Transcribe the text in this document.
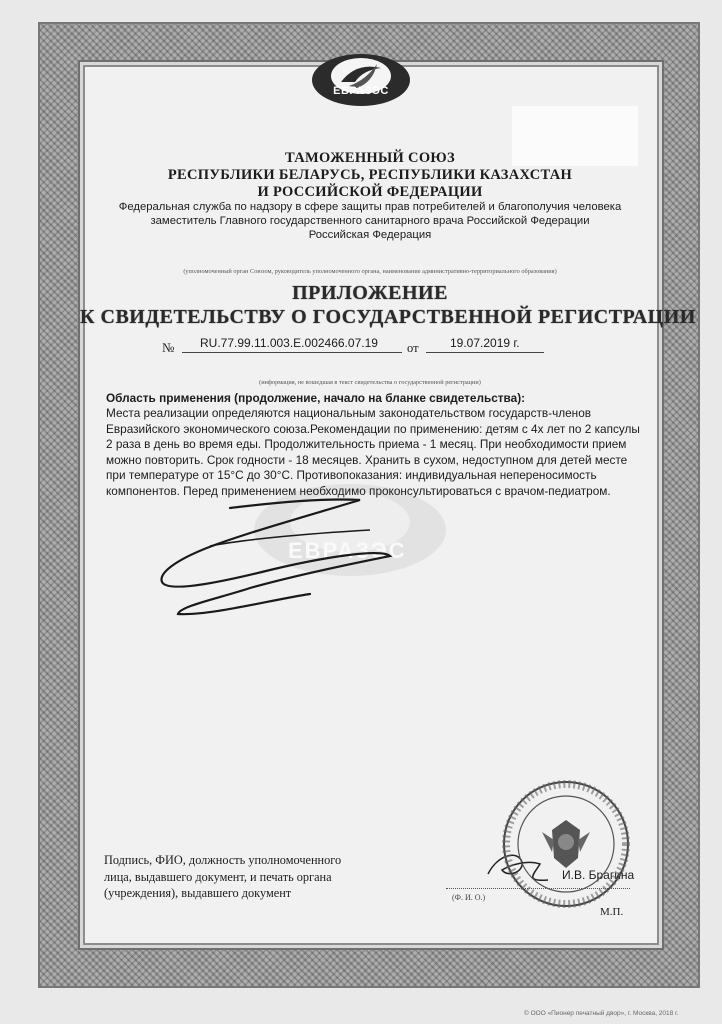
ЕВРАЗЭС
ТАМОЖЕННЫЙ СОЮЗ
РЕСПУБЛИКИ БЕЛАРУСЬ, РЕСПУБЛИКИ КАЗАХСТАН
И РОССИЙСКОЙ ФЕДЕРАЦИИ
Федеральная служба по надзору в сфере защиты прав потребителей и благополучия человека
заместитель Главного государственного санитарного врача Российской Федерации
Российская Федерация
(уполномоченный орган Союзом, руководитель уполномоченного органа, наименование административно-территориального образования)
ПРИЛОЖЕНИЕ
К СВИДЕТЕЛЬСТВУ О ГОСУДАРСТВЕННОЙ РЕГИСТРАЦИИ
№ RU.77.99.11.003.Е.002466.07.19 от	19.07.2019 г.
(информация, не вошедшая в текст свидетельства о государственной регистрации)
ЕВРАЗЭС
Область применения (продолжение, начало на бланке свидетельства):
Места реализации определяются национальным законодательством государств-членов
Евразийского экономического союза.Рекомендации по применению: детям с 4х лет по 2 капсулы
2 раза в день во время еды. Продолжительность приема - 1 месяц. При необходимости прием
можно повторить. Срок годности - 18 месяцев. Хранить в сухом, недоступном для детей месте
при температуре от 15°С до 30°С. Противопоказания: индивидуальная непереносимость
компонентов. Перед применением необходимо проконсультироваться с врачом-педиатром.
Подпись, ФИО, должность уполномоченного
лица, выдавшего документ, и печать органа
(учреждения), выдавшего документ
И.В. Брагина
(Ф. И. О.)
М.П.
© ООО «Пионер печатный двор», г. Москва, 2018 г.
